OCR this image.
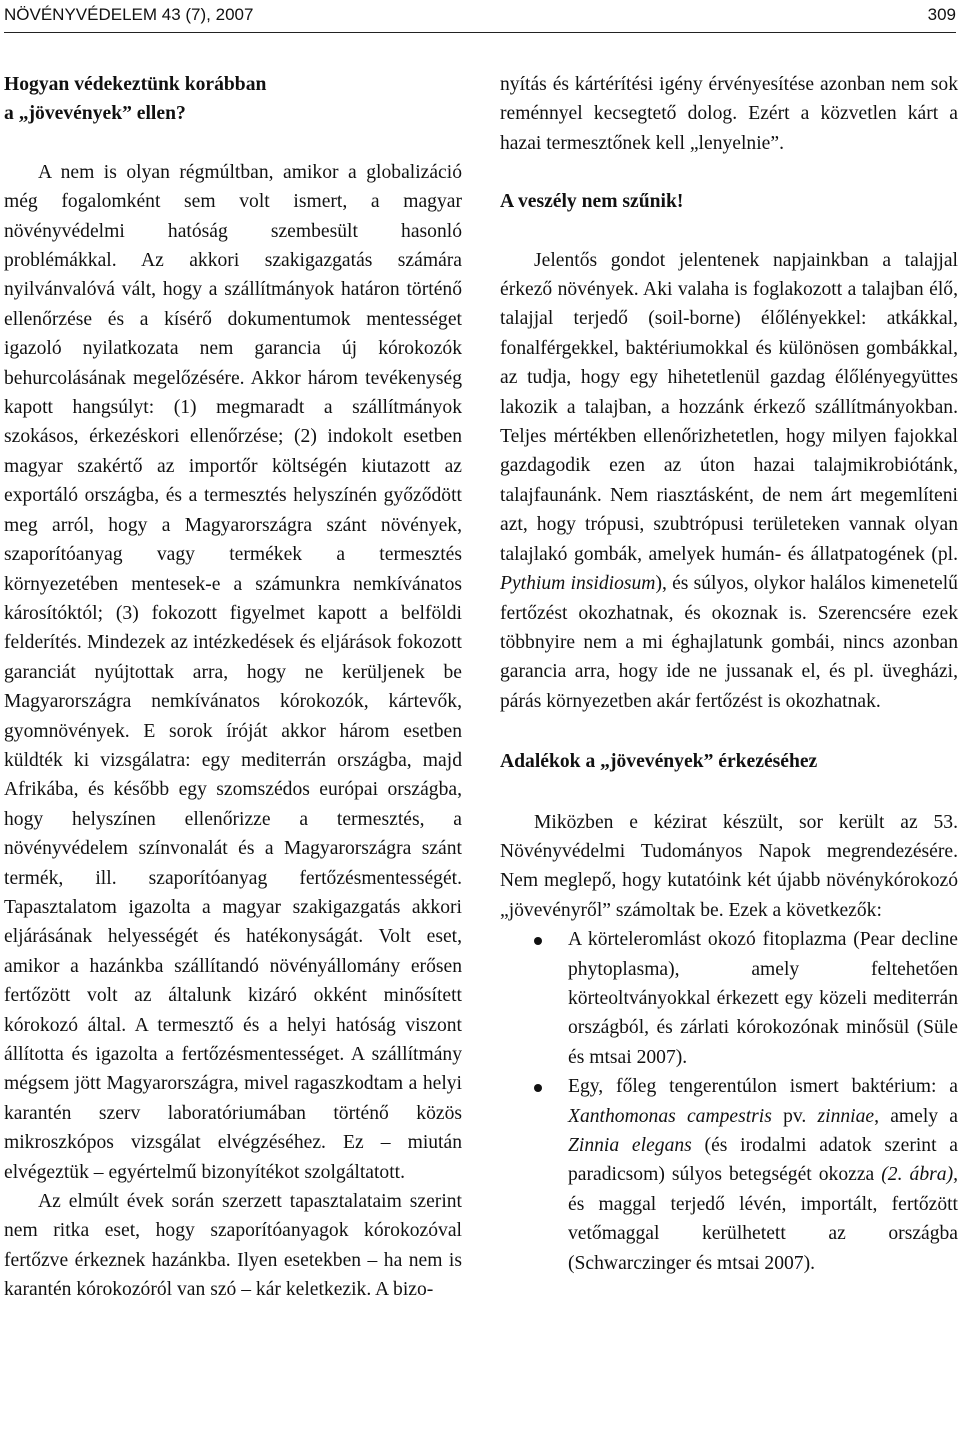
NÖVÉNYVÉDELEM 43 (7), 2007	309
Hogyan védekeztünk korábban
a „jövevények” ellen?

A nem is olyan régmúltban, amikor a globalizáció még fogalomként sem volt ismert, a magyar növényvédelmi hatóság szembesült hasonló problémákkal. Az akkori szakigazgatás számára nyilvánvalóvá vált, hogy a szállítmányok határon történő ellenőrzése és a kísérő dokumentumok mentességet igazoló nyilatkozata nem garancia új kórokozók behurcolásának megelőzésére. Akkor három tevékenység kapott hangsúlyt: (1) megmaradt a szállítmányok szokásos, érkezéskori ellenőrzése; (2) indokolt esetben magyar szakértő az importőr költségén kiutazott az exportáló országba, és a termesztés helyszínén győződött meg arról, hogy a Magyarországra szánt növények, szaporítóanyag vagy termékek a termesztés környezetében mentesek-e a számunkra nemkívánatos károsítóktól; (3) fokozott figyelmet kapott a belföldi felderítés. Mindezek az intézkedések és eljárások fokozott garanciát nyújtottak arra, hogy ne kerüljenek be Magyarországra nemkívánatos kórokozók, kártevők, gyomnövények. E sorok íróját akkor három esetben küldték ki vizsgálatra: egy mediterrán országba, majd Afrikába, és később egy szomszédos európai országba, hogy helyszínen ellenőrizze a termesztés, a növényvédelem színvonalát és a Magyarországra szánt termék, ill. szaporítóanyag fertőzésmentességét. Tapasztalatom igazolta a magyar szakigazgatás akkori eljárásának helyességét és hatékonyságát. Volt eset, amikor a hazánkba szállítandó növényállomány erősen fertőzött volt az általunk kizáró okként minősített kórokozó által. A termesztő és a helyi hatóság viszont állította és igazolta a fertőzésmentességet. A szállítmány mégsem jött Magyarországra, mivel ragaszkodtam a helyi karantén szerv laboratóriumában történő közös mikroszkópos vizsgálat elvégzéséhez. Ez – miután elvégeztük – egyértelmű bizonyítékot szolgáltatott.

Az elmúlt évek során szerzett tapasztalataim szerint nem ritka eset, hogy szaporítóanyagok kórokozóval fertőzve érkeznek hazánkba. Ilyen esetekben – ha nem is karantén kórokozóról van szó – kár keletkezik. A bizo-

nyítás és kártérítési igény érvényesítése azonban nem sok reménnyel kecsegtető dolog. Ezért a közvetlen kárt a hazai termesztőnek kell „lenyelnie”.

A veszély nem szűnik!

Jelentős gondot jelentenek napjainkban a talajjal érkező növények. Aki valaha is foglakozott a talajban élő, talajjal terjedő (soil-borne) élőlényekkel: atkákkal, fonalférgekkel, baktériumokkal és különösen gombákkal, az tudja, hogy egy hihetetlenül gazdag élőlényegyüttes lakozik a talajban, a hozzánk érkező szállítmányokban. Teljes mértékben ellenőrizhetetlen, hogy milyen fajokkal gazdagodik ezen az úton hazai talajmikrobiótánk, talajfaunánk. Nem riasztásként, de nem árt megemlíteni azt, hogy trópusi, szubtrópusi területeken vannak olyan talajlakó gombák, amelyek humán- és állatpatogének (pl. Pythium insidiosum), és súlyos, olykor halálos kimenetelű fertőzést okozhatnak, és okoznak is. Szerencsére ezek többnyire nem a mi éghajlatunk gombái, nincs azonban garancia arra, hogy ide ne jussanak el, és pl. üvegházi, párás környezetben akár fertőzést is okozhatnak.

Adalékok a „jövevények” érkezéséhez

Miközben e kézirat készült, sor került az 53. Növényvédelmi Tudományos Napok megrendezésére. Nem meglepő, hogy kutatóink két újabb növénykórokozó „jövevényről” számoltak be. Ezek a következők:

A körteleromlást okozó fitoplazma (Pear decline phytoplasma), amely feltehetően körteoltványokkal érkezett egy közeli mediterrán országból, és zárlati kórokozónak minősül (Süle és mtsai 2007).
Egy, főleg tengerentúlon ismert baktérium: a Xanthomonas campestris pv. zinniae, amely a Zinnia elegans (és irodalmi adatok szerint a paradicsom) súlyos betegségét okozza (2. ábra), és maggal terjedő lévén, importált, fertőzött vetőmaggal kerülhetett az országba (Schwarczinger és mtsai 2007).
